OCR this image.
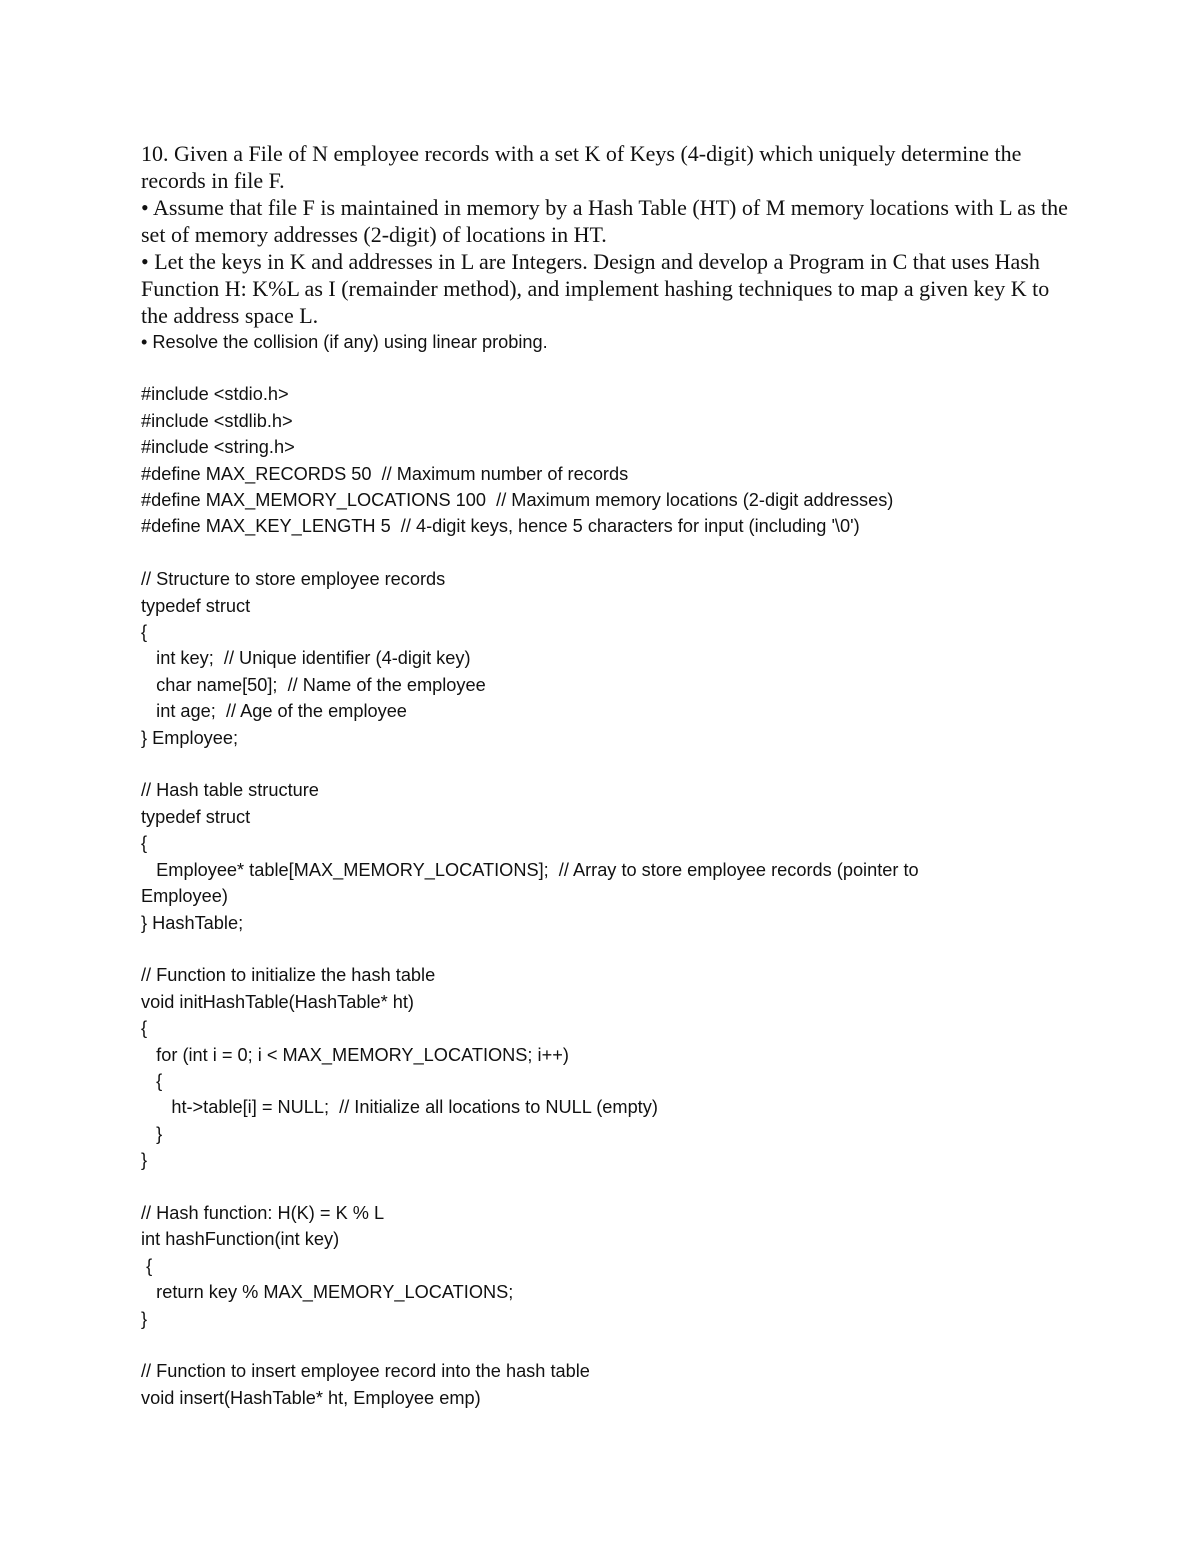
10. Given a File of N employee records with a set K of Keys (4-digit) which uniquely determine the records in file F.

• Assume that file F is maintained in memory by a Hash Table (HT) of M memory locations with L as the set of memory addresses (2-digit) of locations in HT.

• Let the keys in K and addresses in L are Integers. Design and develop a Program in C that uses Hash Function H: K%L as I (remainder method), and implement hashing techniques to map a given key K to the address space L.

• Resolve the collision (if any) using linear probing.

#include <stdio.h>
#include <stdlib.h>
#include <string.h>
#define MAX_RECORDS 50  // Maximum number of records
#define MAX_MEMORY_LOCATIONS 100  // Maximum memory locations (2-digit addresses)
#define MAX_KEY_LENGTH 5  // 4-digit keys, hence 5 characters for input (including '\0')
// Structure to store employee records
typedef struct
{
int key;  // Unique identifier (4-digit key)
char name[50];  // Name of the employee
int age;  // Age of the employee
} Employee;
// Hash table structure
typedef struct
{
Employee* table[MAX_MEMORY_LOCATIONS];  // Array to store employee records (pointer to
Employee)
} HashTable;
// Function to initialize the hash table
void initHashTable(HashTable* ht)
{
for (int i = 0; i < MAX_MEMORY_LOCATIONS; i++)
{
ht->table[i] = NULL;  // Initialize all locations to NULL (empty)
}
}
// Hash function: H(K) = K % L
int hashFunction(int key)
{
return key % MAX_MEMORY_LOCATIONS;
}
// Function to insert employee record into the hash table
void insert(HashTable* ht, Employee emp)
